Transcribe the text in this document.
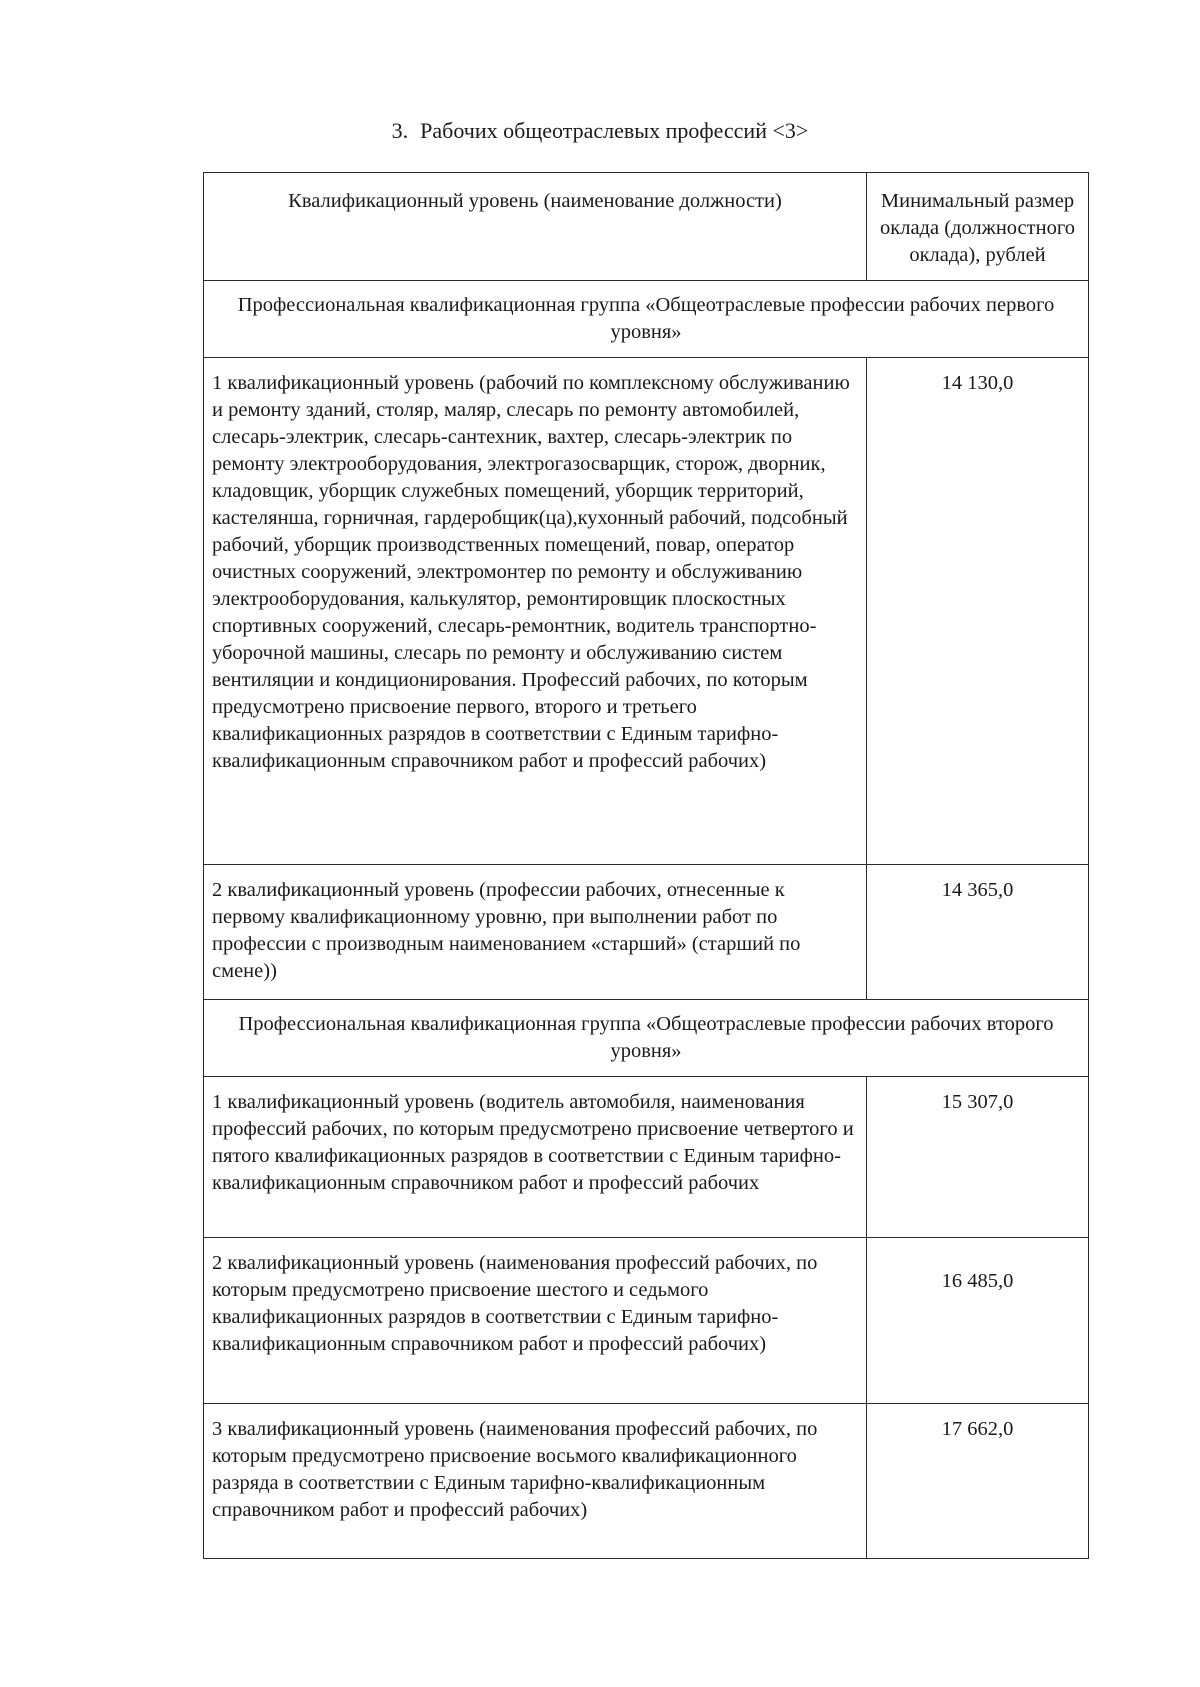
3. Рабочих общеотраслевых профессий <3>
Квалификационный уровень (наименование должности)	Минимальный размер оклада (должностного оклада), рублей
Профессиональная квалификационная группа «Общеотраслевые профессии рабочих первого уровня»	
1 квалификационный уровень (рабочий по комплексному обслуживанию и ремонту зданий, столяр, маляр, слесарь по ремонту автомобилей, слесарь-электрик, слесарь-сантехник, вахтер, слесарь-электрик по ремонту электрооборудования, электрогазосварщик, сторож, дворник, кладовщик, уборщик служебных помещений, уборщик территорий, кастелянша, горничная, гардеробщик(ца),кухонный рабочий, подсобный рабочий, уборщик производственных помещений, повар, оператор очистных сооружений, электромонтер по ремонту и обслуживанию электрооборудования, калькулятор, ремонтировщик плоскостных спортивных сооружений, слесарь-ремонтник, водитель транспортно-уборочной машины, слесарь по ремонту и обслуживанию систем вентиляции и кондиционирования. Профессий рабочих, по которым предусмотрено присвоение первого, второго и третьего квалификационных разрядов в соответствии с Единым тарифно-квалификационным справочником работ и профессий рабочих)	14 130,0
2 квалификационный уровень (профессии рабочих, отнесенные к первому квалификационному уровню, при выполнении работ по профессии с производным наименованием «старший» (старший по смене))	14 365,0
Профессиональная квалификационная группа «Общеотраслевые профессии рабочих второго уровня»	
1 квалификационный уровень (водитель автомобиля, наименования профессий рабочих, по которым предусмотрено присвоение четвертого и пятого квалификационных разрядов в соответствии с Единым тарифно-квалификационным справочником работ и профессий рабочих	15 307,0
2 квалификационный уровень (наименования профессий рабочих, по которым предусмотрено присвоение шестого и седьмого квалификационных разрядов в соответствии с Единым тарифно-квалификационным справочником работ и профессий рабочих)	16 485,0
3 квалификационный уровень (наименования профессий рабочих, по которым предусмотрено присвоение восьмого квалификационного разряда в соответствии с Единым тарифно-квалификационным справочником работ и профессий рабочих)	17 662,0
